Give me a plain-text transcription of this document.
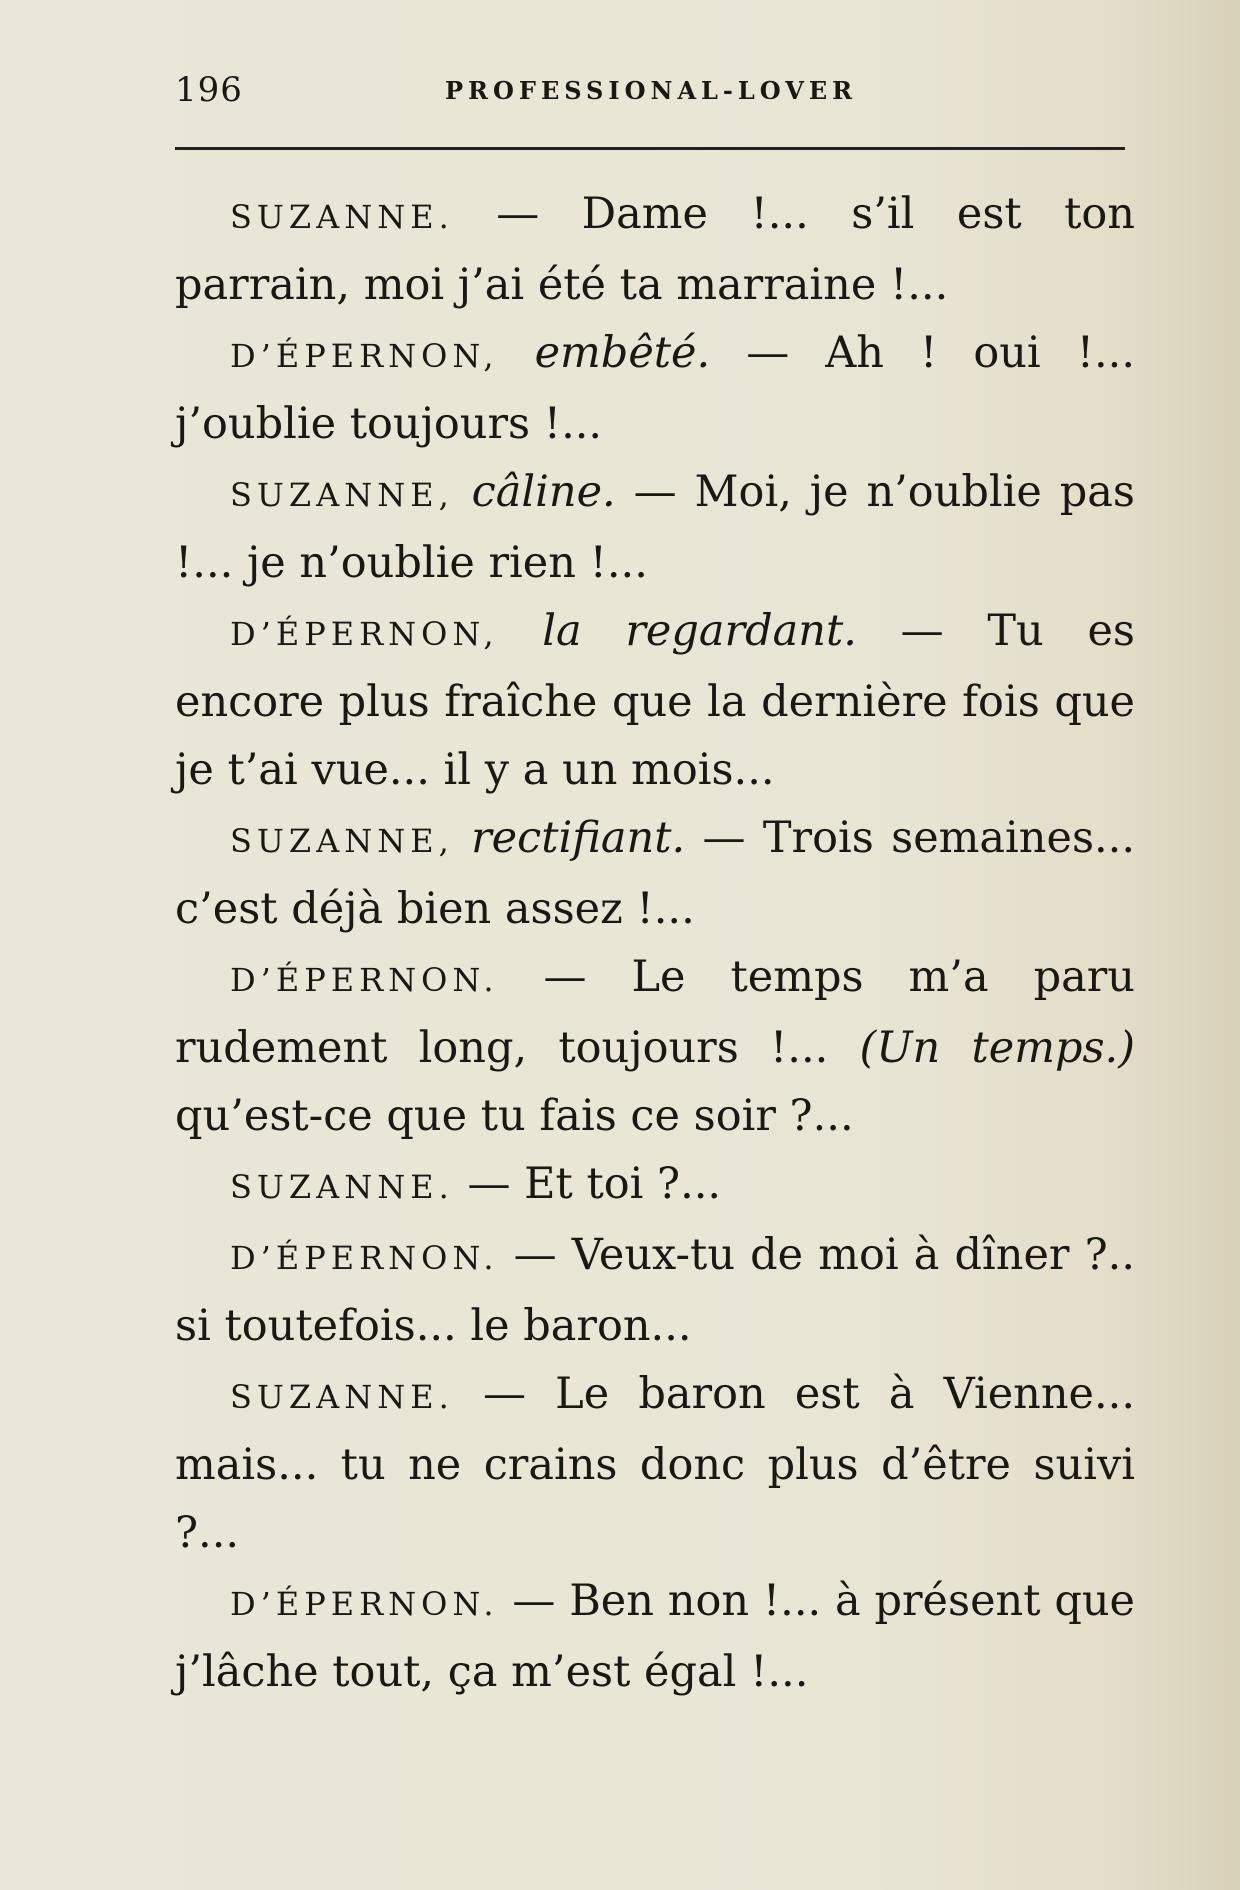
196	PROFESSIONAL-LOVER

SUZANNE. — Dame !... s’il est ton parrain, moi j’ai été ta marraine !...

D’ÉPERNON, embêté. — Ah ! oui !... j’oublie toujours !...

SUZANNE, câline. — Moi, je n’oublie pas !... je n’oublie rien !...

D’ÉPERNON, la regardant. — Tu es encore plus fraîche que la dernière fois que je t’ai vue... il y a un mois...

SUZANNE, rectifiant. — Trois semaines... c’est déjà bien assez !...

D’ÉPERNON. — Le temps m’a paru rudement long, toujours !... (Un temps.) qu’est-ce que tu fais ce soir ?...

SUZANNE. — Et toi ?...

D’ÉPERNON. — Veux-tu de moi à dîner ?.. si toutefois... le baron...

SUZANNE. — Le baron est à Vienne... mais... tu ne crains donc plus d’être suivi ?...

D’ÉPERNON. — Ben non !... à présent que j’lâche tout, ça m’est égal !...
